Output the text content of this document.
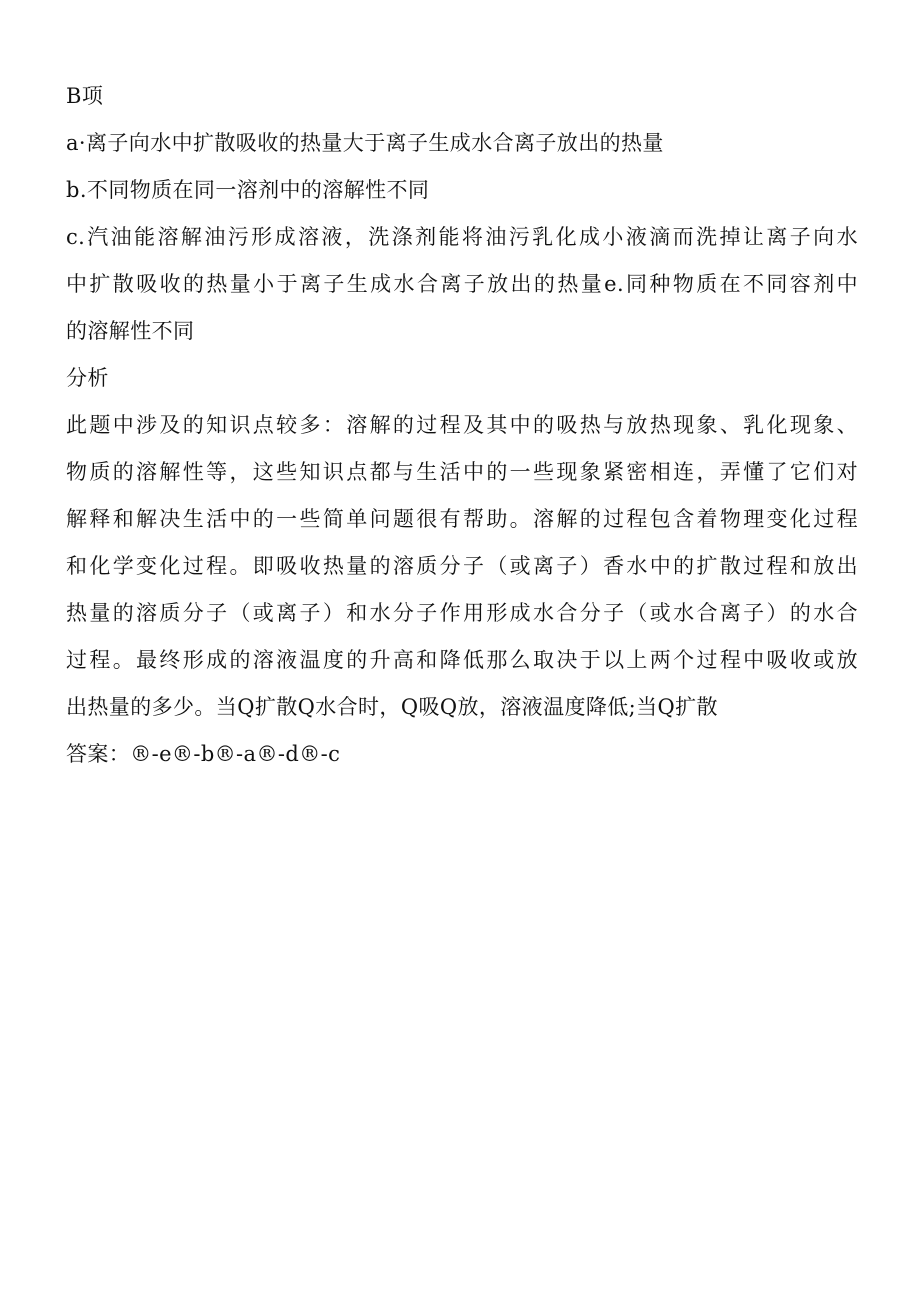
B项
a·离子向水中扩散吸收的热量大于离子生成水合离子放出的热量
b.不同物质在同一溶剂中的溶解性不同
c.汽油能溶解油污形成溶液，洗涤剂能将油污乳化成小液滴而洗掉让离子向水
中扩散吸收的热量小于离子生成水合离子放出的热量e.同种物质在不同容剂中
的溶解性不同
分析
此题中涉及的知识点较多：溶解的过程及其中的吸热与放热现象、乳化现象、
物质的溶解性等，这些知识点都与生活中的一些现象紧密相连，弄懂了它们对
解释和解决生活中的一些简单问题很有帮助。溶解的过程包含着物理变化过程
和化学变化过程。即吸收热量的溶质分子（或离子）香水中的扩散过程和放出
热量的溶质分子（或离子）和水分子作用形成水合分子（或水合离子）的水合
过程。最终形成的溶液温度的升高和降低那么取决于以上两个过程中吸收或放
出热量的多少。当Q扩散Q水合时，Q吸Q放，溶液温度降低;当Q扩散
答案：®-e®-b®-a®-d®-c
